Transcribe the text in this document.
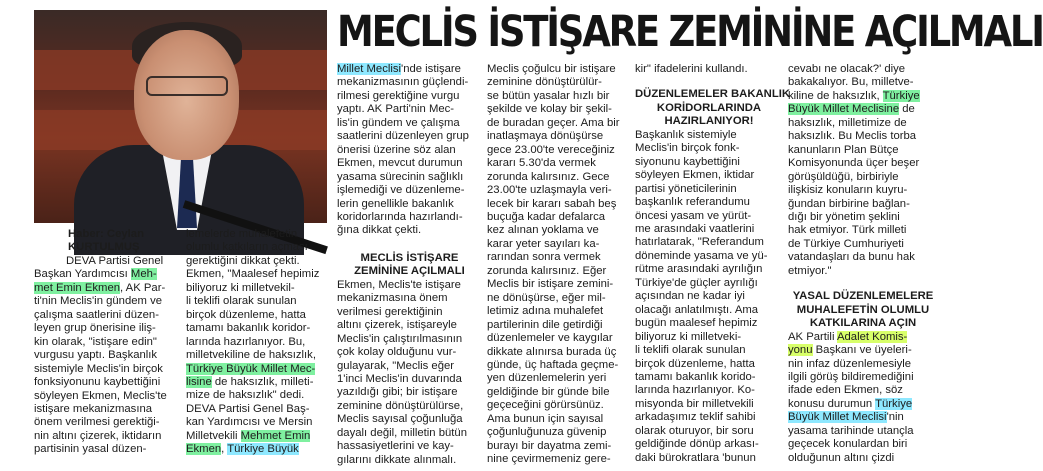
MECLİS İSTİŞARE ZEMİNİNE AÇILMALI
Haber: Ceylan
KURTULMUŞ
DEVA Partisi Genel
Başkan Yardımcısı Meh-
met Emin Ekmen, AK Par-
ti'nin Meclis'in gündem ve
çalışma saatlerini düzen-
leyen grup önerisine iliş-
kin olarak, "istişare edin"
vurgusu yaptı. Başkanlık
sistemiyle Meclis'in birçok
fonksiyonunu kaybettiğini
söyleyen Ekmen, Meclis'te
istişare mekanizmasına
önem verilmesi gerektiği-
nin altını çizerek, iktidarın
partisinin yasal düzen-
lemelerde muhalefetin
olumlu katkıların açması
gerektiğini dikkat çekti.
Ekmen, "Maalesef hepimiz
biliyoruz ki milletvekil-
li teklifi olarak sunulan
birçok düzenleme, hatta
tamamı bakanlık koridor-
larında hazırlanıyor. Bu,
milletvekiline de haksızlık,
Türkiye Büyük Millet Mec-
lisine de haksızlık, milleti-
mize de haksızlık" dedi.
DEVA Partisi Genel Baş-
kan Yardımcısı ve Mersin
Milletvekili Mehmet Emin
Ekmen, Türkiye Büyük
Millet Meclisi'nde istişare
mekanizmasının güçlendi-
rilmesi gerektiğine vurgu
yaptı. AK Parti'nin Mec-
lis'in gündem ve çalışma
saatlerini düzenleyen grup
önerisi üzerine söz alan
Ekmen, mevcut durumun
yasama sürecinin sağlıklı
işlemediği ve düzenleme-
lerin genellikle bakanlık
koridorlarında hazırlandı-
ğına dikkat çekti.
MECLİS İSTİŞARE
ZEMİNİNE AÇILMALI
Ekmen, Meclis'te istişare
mekanizmasına önem
verilmesi gerektiğinin
altını çizerek, istişareyle
Meclis'in çalıştırılmasının
çok kolay olduğunu vur-
gulayarak, "Meclis eğer
1'inci Meclis'in duvarında
yazıldığı gibi; bir istişare
zeminine dönüştürülürse,
Meclis sayısal çoğunluğa
dayalı değil, milletin bütün
hassasiyetlerini ve kay-
gılarını dikkate alınmalı.
Meclis çoğulcu bir istişare
zeminine dönüştürülür-
se bütün yasalar hızlı bir
şekilde ve kolay bir şekil-
de buradan geçer. Ama bir
inatlaşmaya dönüşürse
gece 23.00'te vereceğiniz
kararı 5.30'da vermek
zorunda kalırsınız. Gece
23.00'te uzlaşmayla veri-
lecek bir kararı sabah beş
buçuğa kadar defalarca
kez alınan yoklama ve
karar yeter sayıları ka-
rarından sonra vermek
zorunda kalırsınız. Eğer
Meclis bir istişare zemini-
ne dönüşürse, eğer mil-
letimiz adına muhalefet
partilerinin dile getirdiği
düzenlemeler ve kaygılar
dikkate alınırsa burada üç
günde, üç haftada geçme-
yen düzenlemelerin yeri
geldiğinde bir günde bile
geçeceğini görürsünüz.
Ama bunun için sayısal
çoğunluğunuza güvenip
burayı bir dayatma zemi-
nine çevirmemeniz gere-
kir" ifadelerini kullandı.
DÜZENLEMELER BAKANLIK
KORİDORLARINDA
HAZIRLANIYOR!
Başkanlık sistemiyle
Meclis'in birçok fonk-
siyonunu kaybettiğini
söyleyen Ekmen, iktidar
partisi yöneticilerinin
başkanlık referandumu
öncesi yasam ve yürüt-
me arasındaki vaatlerini
hatırlatarak, "Referandum
döneminde yasama ve yü-
rütme arasındaki ayrılığın
Türkiye'de güçler ayrılığı
açısından ne kadar iyi
olacağı anlatılmıştı. Ama
bugün maalesef hepimiz
biliyoruz ki milletveki-
li teklifi olarak sunulan
birçok düzenleme, hatta
tamamı bakanlık korido-
larında hazırlanıyor. Ko-
misyonda bir milletvekili
arkadaşımız teklif sahibi
olarak oturuyor, bir soru
geldiğinde dönüp arkası-
daki bürokratlara 'bunun
cevabı ne olacak?' diye
bakakalıyor. Bu, milletve-
kiline de haksızlık, Türkiye
Büyük Millet Meclisine de
haksızlık, milletimize de
haksızlık. Bu Meclis torba
kanunların Plan Bütçe
Komisyonunda üçer beşer
görüşüldüğü, birbiriyle
ilişkisiz konuların kuyru-
ğundan birbirine bağlan-
dığı bir yönetim şeklini
hak etmiyor. Türk milleti
de Türkiye Cumhuriyeti
vatandaşları da bunu hak
etmiyor."
YASAL DÜZENLEMELERE
MUHALEFETİN OLUMLU
KATKILARINA AÇIN
AK Partili Adalet Komis-
yonu Başkanı ve üyeleri-
nin infaz düzenlemesiyle
ilgili görüş bildiremediğini
ifade eden Ekmen, söz
konusu durumun Türkiye
Büyük Millet Meclisi'nin
yasama tarihinde utançla
geçecek konulardan biri
olduğunun altını çizdi
